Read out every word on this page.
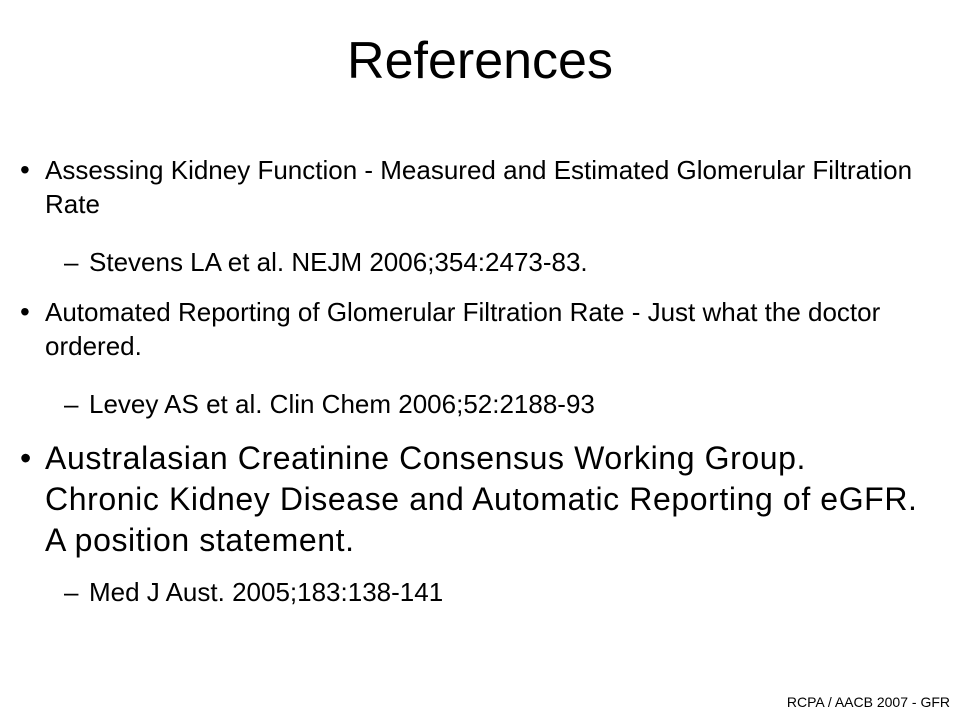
References
• Assessing Kidney Function - Measured and Estimated Glomerular Filtration Rate
– Stevens LA et al. NEJM 2006;354:2473-83.
• Automated Reporting of Glomerular Filtration Rate - Just what the doctor ordered.
– Levey AS et al. Clin Chem 2006;52:2188-93
• Australasian Creatinine Consensus Working Group. Chronic Kidney Disease and Automatic Reporting of eGFR. A position statement.
– Med J Aust. 2005;183:138-141
RCPA / AACB 2007 - GFR
